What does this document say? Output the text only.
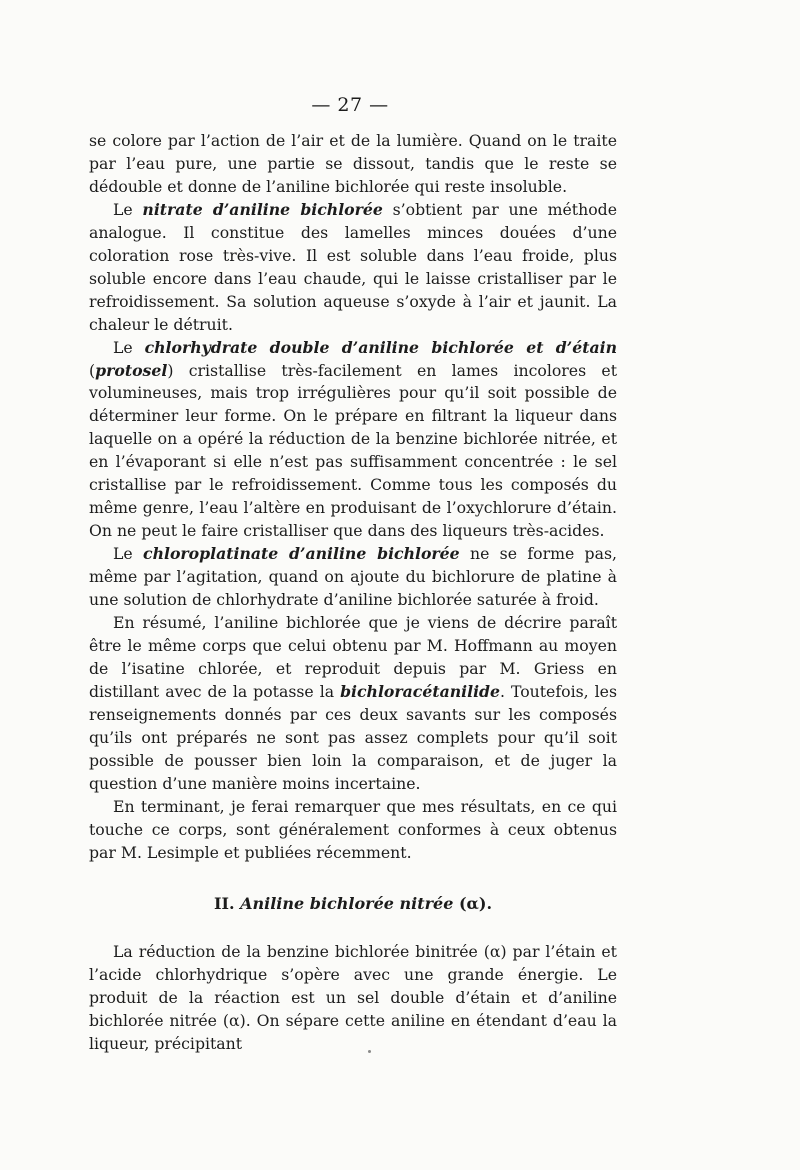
— 27 —

se colore par l’action de l’air et de la lumière. Quand on le traite par l’eau pure, une partie se dissout, tandis que le reste se dédouble et donne de l’aniline bichlorée qui reste insoluble.

Le nitrate d’aniline bichlorée s’obtient par une méthode analogue. Il constitue des lamelles minces douées d’une coloration rose très-vive. Il est soluble dans l’eau froide, plus soluble encore dans l’eau chaude, qui le laisse cristalliser par le refroidissement. Sa solution aqueuse s’oxyde à l’air et jaunit. La chaleur le détruit.

Le chlorhydrate double d’aniline bichlorée et d’étain (protosel) cristallise très-facilement en lames incolores et volumineuses, mais trop irrégulières pour qu’il soit possible de déterminer leur forme. On le prépare en filtrant la liqueur dans laquelle on a opéré la réduction de la benzine bichlorée nitrée, et en l’évaporant si elle n’est pas suffisamment concentrée : le sel cristallise par le refroidissement. Comme tous les composés du même genre, l’eau l’altère en produisant de l’oxychlorure d’étain. On ne peut le faire cristalliser que dans des liqueurs très-acides.

Le chloroplatinate d’aniline bichlorée ne se forme pas, même par l’agitation, quand on ajoute du bichlorure de platine à une solution de chlorhydrate d’aniline bichlorée saturée à froid.

En résumé, l’aniline bichlorée que je viens de décrire paraît être le même corps que celui obtenu par M. Hoffmann au moyen de l’isatine chlorée, et reproduit depuis par M. Griess en distillant avec de la potasse la bichloracétanilide. Toutefois, les renseignements donnés par ces deux savants sur les composés qu’ils ont préparés ne sont pas assez complets pour qu’il soit possible de pousser bien loin la comparaison, et de juger la question d’une manière moins incertaine.

En terminant, je ferai remarquer que mes résultats, en ce qui touche ce corps, sont généralement conformes à ceux obtenus par M. Lesimple et publiées récemment.

II. Aniline bichlorée nitrée (α).

La réduction de la benzine bichlorée binitrée (α) par l’étain et l’acide chlorhydrique s’opère avec une grande énergie. Le produit de la réaction est un sel double d’étain et d’aniline bichlorée nitrée (α). On sépare cette aniline en étendant d’eau la liqueur, précipitant
